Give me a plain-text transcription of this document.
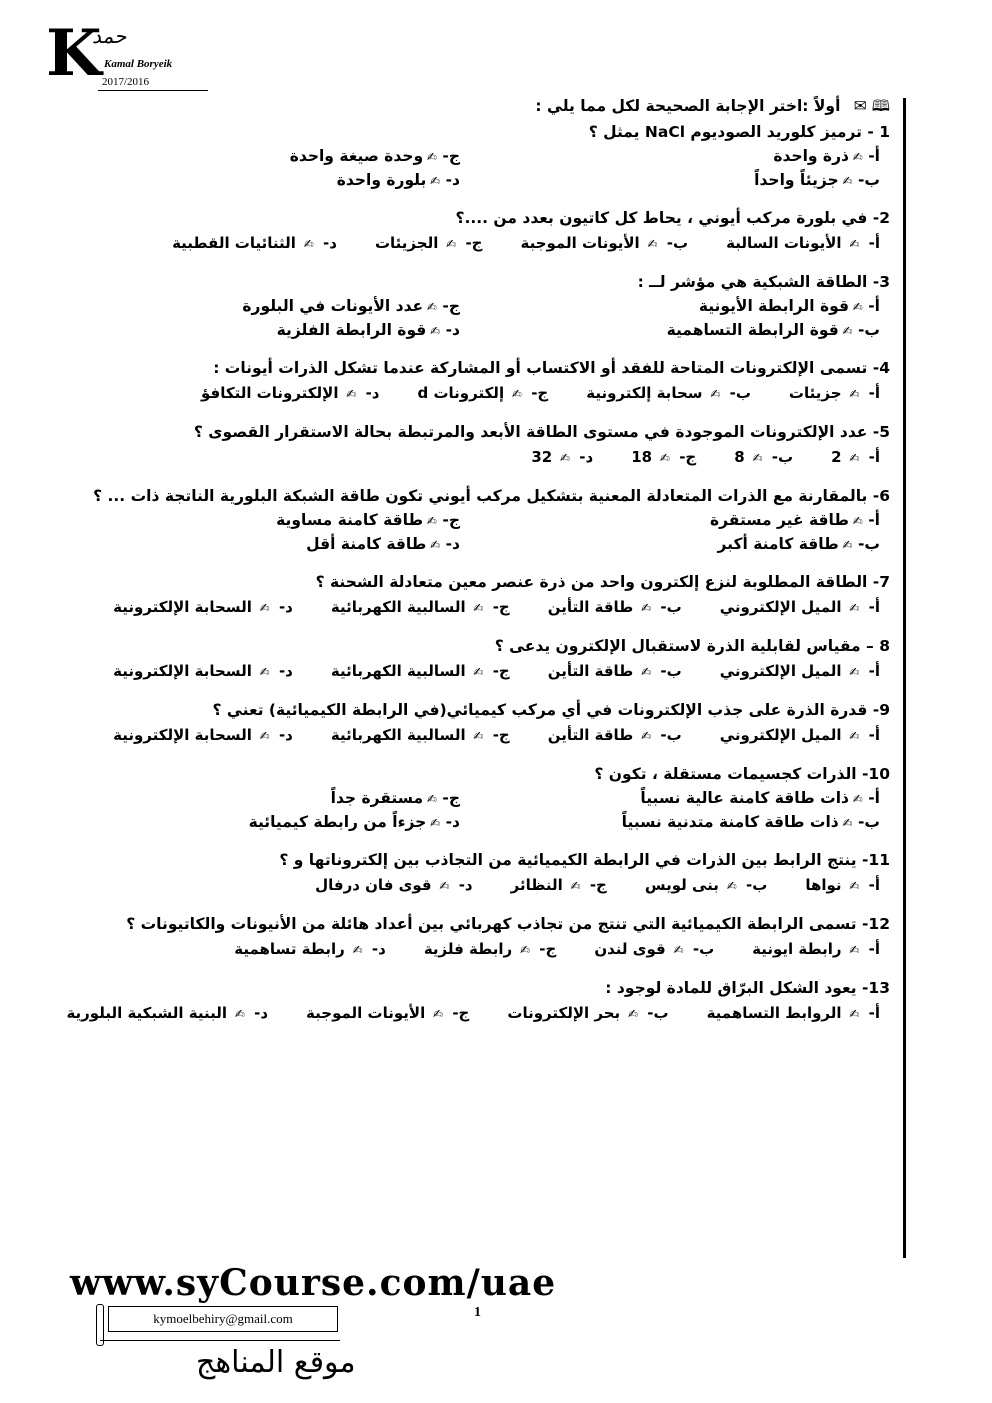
K
حمد
Kamal Boryeik
2017/2016
🕮 ✉ أولاً :اختر الإجابة الصحيحة لكل مما يلي :
1 - ترميز كلوريد الصوديوم NaCl يمثل ؟
أ- ✍ ذرة واحدة
ج- ✍ وحدة صيغة واحدة
ب- ✍ جزيئاً واحداً
د- ✍ بلورة واحدة
2- في بلورة مركب أيوني ، يحاط كل كاتيون بعدد من ....؟
أ- ✍ الأيونات السالبةب- ✍ الأيونات الموجبةج- ✍ الجزيئاتد- ✍ الثنائيات القطبية
3- الطاقة الشبكية هي مؤشر لــ :
أ- ✍ قوة الرابطة الأيونية
ج- ✍ عدد الأيونات في البلورة
ب- ✍ قوة الرابطة التساهمية
د- ✍ قوة الرابطة الفلزية
4- تسمى الإلكترونات المتاحة للفقد أو الاكتساب أو المشاركة عندما تشكل الذرات أيونات :
أ- ✍ جزيئاتب- ✍ سحابة إلكترونيةج- ✍ إلكترونات dد- ✍ الإلكترونات التكافؤ
5- عدد الإلكترونات الموجودة في مستوى الطاقة الأبعد والمرتبطة بحالة الاستقرار القصوى ؟
أ- ✍ 2ب- ✍ 8ج- ✍ 18د- ✍ 32
6- بالمقارنة مع الذرات المتعادلة المعنية بتشكيل مركب أيوني تكون طاقة الشبكة البلورية الناتجة ذات ... ؟
أ- ✍ طاقة غير مستقرة
ج- ✍ طاقة كامنة مساوية
ب- ✍ طاقة كامنة أكبر
د- ✍ طاقة كامنة أقل
7- الطاقة المطلوبة لنزع إلكترون واحد من ذرة عنصر معين متعادلة الشحنة ؟
أ- ✍ الميل الإلكترونيب- ✍ طاقة التأينج- ✍ السالبية الكهربائيةد- ✍ السحابة الإلكترونية
8 – مقياس لقابلية الذرة لاستقبال الإلكترون يدعى ؟
أ- ✍ الميل الإلكترونيب- ✍ طاقة التأينج- ✍ السالبية الكهربائيةد- ✍ السحابة الإلكترونية
9- قدرة الذرة على جذب الإلكترونات في أي مركب كيميائي(في الرابطة الكيميائية) تعني ؟
أ- ✍ الميل الإلكترونيب- ✍ طاقة التأينج- ✍ السالبية الكهربائيةد- ✍ السحابة الإلكترونية
10- الذرات كجسيمات مستقلة ، تكون ؟
أ- ✍ ذات طاقة كامنة عالية نسبياً
ج- ✍ مستقرة جداً
ب- ✍ ذات طاقة كامنة متدنية نسبياً
د- ✍ جزءاً من رابطة كيميائية
11- ينتج الرابط بين الذرات في الرابطة الكيميائية من التجاذب بين إلكتروناتها و ؟
أ- ✍ نواهاب- ✍ بنى لويسج- ✍ النظائرد- ✍ قوى فان درفال
12- تسمى الرابطة الكيميائية التي تنتج من تجاذب كهربائي بين أعداد هائلة من الأنيونات والكاتيونات ؟
أ- ✍ رابطة ايونيةب- ✍ قوى لندنج- ✍ رابطة فلزيةد- ✍ رابطة تساهمية
13- يعود الشكل البرّاق للمادة لوجود :
أ- ✍ الروابط التساهميةب- ✍ بحر الإلكتروناتج- ✍ الأيونات الموجبةد- ✍ البنية الشبكية البلورية
www.syCourse.com/uae
1
kymoelbehiry@gmail.com
موقع المناهج
